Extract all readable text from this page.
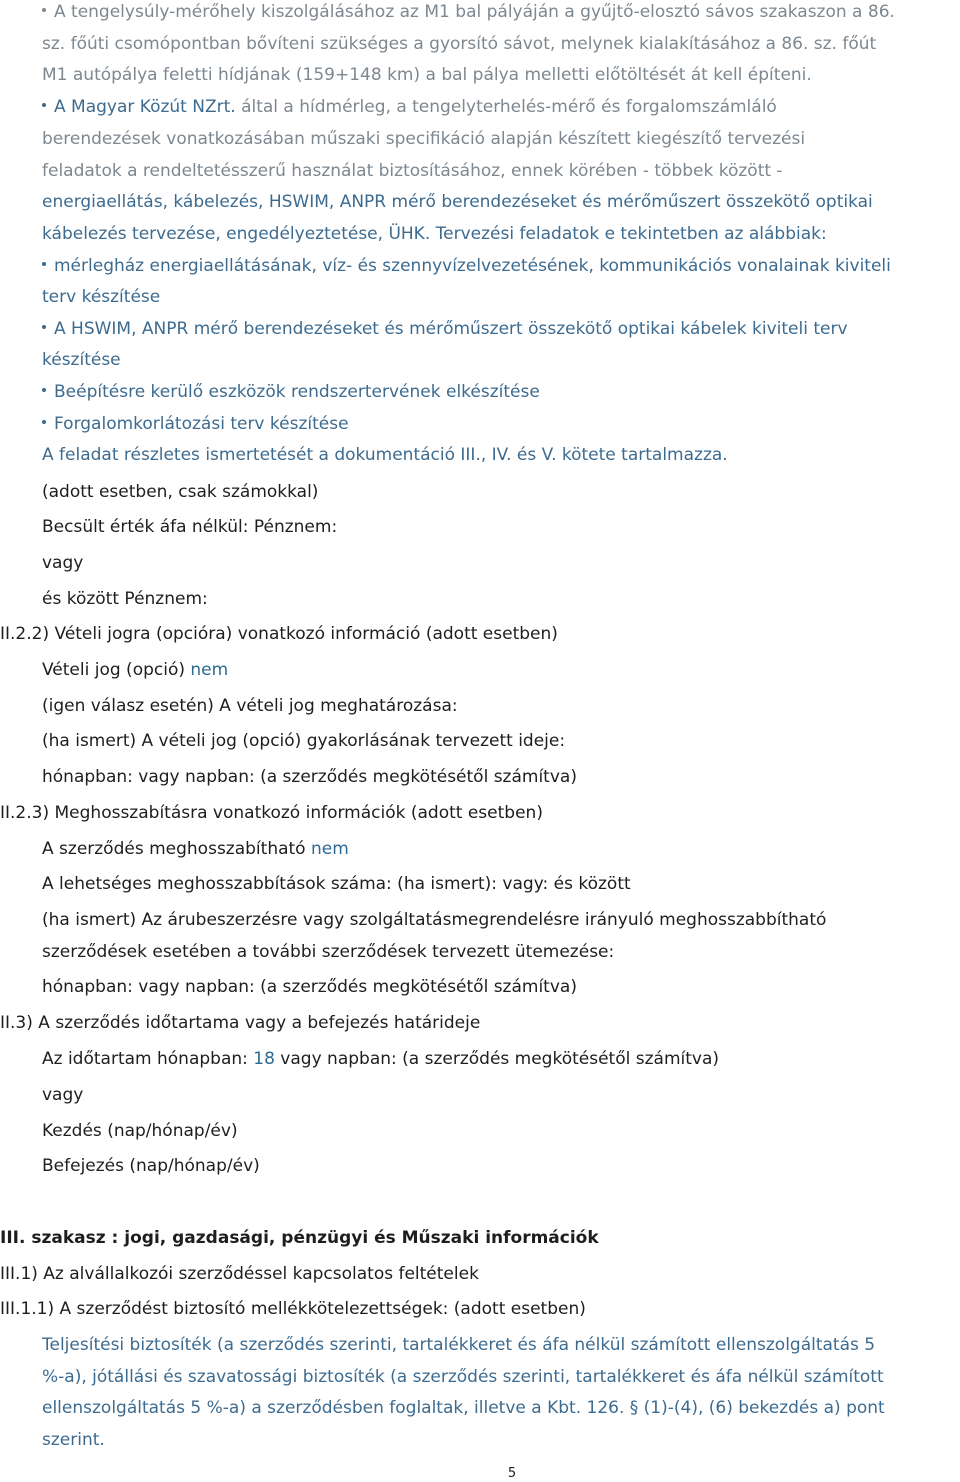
A tengelysúly-mérőhely kiszolgálásához az M1 bal pályáján a gyűjtő-elosztó sávos szakaszon a 86.
sz. főúti csomópontban bővíteni szükséges a gyorsító sávot, melynek kialakításához a 86. sz. főút
M1 autópálya feletti hídjának (159+148 km) a bal pálya melletti előtöltését át kell építeni.
A Magyar Közút NZrt. által a hídmérleg, a tengelyterhelés-mérő és forgalomszámláló
berendezések vonatkozásában műszaki specifikáció alapján készített kiegészítő tervezési
feladatok a rendeltetésszerű használat biztosításához, ennek körében - többek között -
energiaellátás, kábelezés, HSWIM, ANPR mérő berendezéseket és mérőműszert összekötő optikai
kábelezés tervezése, engedélyeztetése, ÜHK. Tervezési feladatok e tekintetben az alábbiak:
mérlegház energiaellátásának, víz- és szennyvízelvezetésének, kommunikációs vonalainak kiviteli
terv készítése
A HSWIM, ANPR mérő berendezéseket és mérőműszert összekötő optikai kábelek kiviteli terv
készítése
Beépítésre kerülő eszközök rendszertervének elkészítése
Forgalomkorlátozási terv készítése
A feladat részletes ismertetését a dokumentáció III., IV. és V. kötete tartalmazza.
(adott esetben, csak számokkal)
Becsült érték áfa nélkül: Pénznem:
vagy
és között Pénznem:
II.2.2) Vételi jogra (opcióra) vonatkozó információ (adott esetben)
Vételi jog (opció) nem
(igen válasz esetén) A vételi jog meghatározása:
(ha ismert) A vételi jog (opció) gyakorlásának tervezett ideje:
hónapban: vagy napban: (a szerződés megkötésétől számítva)
II.2.3) Meghosszabításra vonatkozó információk (adott esetben)
A szerződés meghosszabítható nem
A lehetséges meghosszabbítások száma: (ha ismert): vagy: és között
(ha ismert) Az árubeszerzésre vagy szolgáltatásmegrendelésre irányuló meghosszabbítható
szerződések esetében a további szerződések tervezett ütemezése:
hónapban: vagy napban: (a szerződés megkötésétől számítva)
II.3) A szerződés időtartama vagy a befejezés határideje
Az időtartam hónapban: 18 vagy napban: (a szerződés megkötésétől számítva)
vagy
Kezdés (nap/hónap/év)
Befejezés (nap/hónap/év)
III. szakasz : jogi, gazdasági, pénzügyi és Műszaki információk
III.1) Az alvállalkozói szerződéssel kapcsolatos feltételek
III.1.1) A szerződést biztosító mellékkötelezettségek: (adott esetben)
Teljesítési biztosíték (a szerződés szerinti, tartalékkeret és áfa nélkül számított ellenszolgáltatás 5
%-a), jótállási és szavatossági biztosíték (a szerződés szerinti, tartalékkeret és áfa nélkül számított
ellenszolgáltatás 5 %-a) a szerződésben foglaltak, illetve a Kbt. 126. § (1)-(4), (6) bekezdés a) pont
szerint.
5
